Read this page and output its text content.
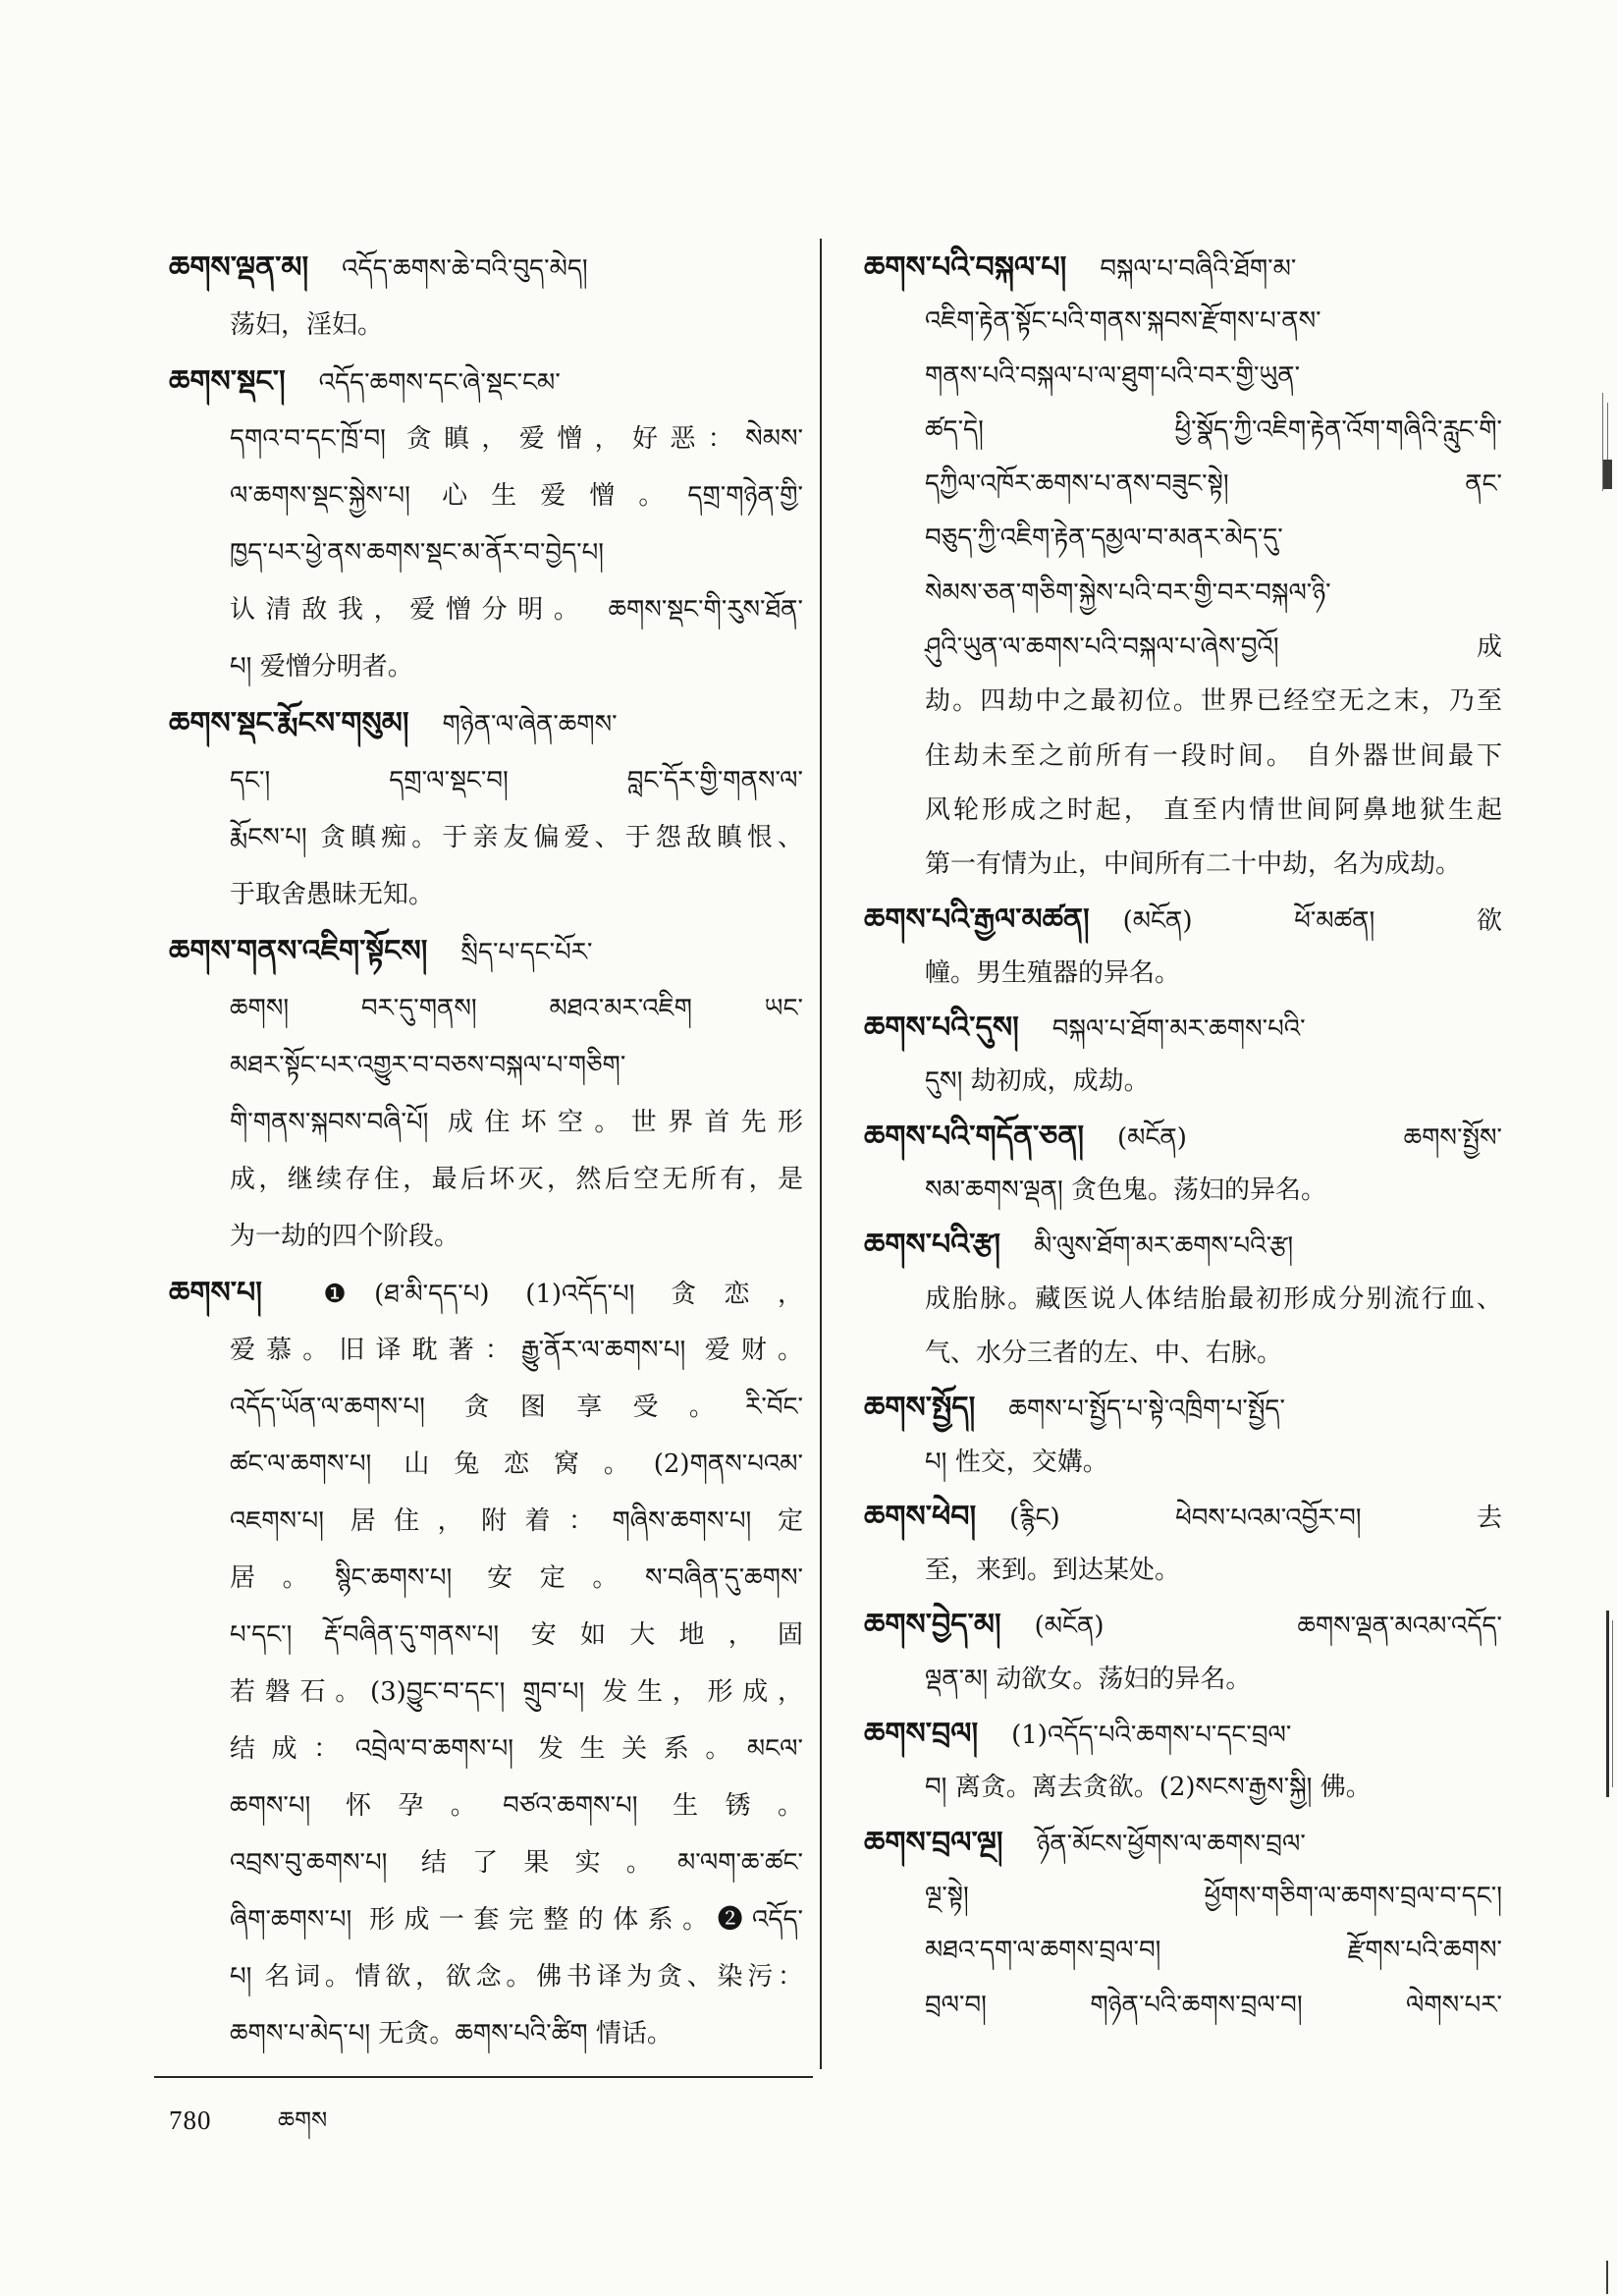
ཆགས་ལྡན་མ། འདོད་ཆགས་ཆེ་བའི་བུད་མེད།
荡妇，淫妇。
ཆགས་སྡང་། འདོད་ཆགས་དང་ཞེ་སྡང་ངམ་
དགའ་བ་དང་ཁྲོ་བ། 贪瞋，爱憎，好恶：སེམས་
ལ་ཆགས་སྡང་སྐྱེས་པ། 心生爱憎。དགྲ་གཉེན་གྱི་
ཁྱད་པར་ཕྱེ་ནས་ཆགས་སྡང་མ་ནོར་བ་བྱེད་པ།
认清敌我，爱憎分明。 ཆགས་སྡང་གི་རུས་ཐོན་
པ། 爱憎分明者。
ཆགས་སྡང་རྨོངས་གསུམ། གཉེན་ལ་ཞེན་ཆགས་
དང་། དགྲ་ལ་སྡང་བ། བླང་དོར་གྱི་གནས་ལ་
རྨོངས་པ། 贪瞋痴。于亲友偏爱、于怨敌瞋恨、
于取舍愚昧无知。
ཆགས་གནས་འཇིག་སྟོངས། སྲིད་པ་དང་པོར་
ཆགས། བར་དུ་གནས། མཐའ་མར་འཇིག ཡང་
མཐར་སྟོང་པར་འགྱུར་བ་བཅས་བསྐལ་པ་གཅིག་
གི་གནས་སྐབས་བཞི་པོ། 成住坏空。世界首先形
成，继续存住，最后坏灭，然后空无所有，是
为一劫的四个阶段。
ཆགས་པ། ❶(ཐ་མི་དད་པ) (1)འདོད་པ། 贪恋，
爱慕。旧译耽著：རྒྱུ་ནོར་ལ་ཆགས་པ། 爱财。
འདོད་ཡོན་ལ་ཆགས་པ། 贪图享受。རི་བོང་
ཚང་ལ་ཆགས་པ། 山兔恋窝。(2)གནས་པའམ་
འཇགས་པ། 居住，附着：གཞིས་ཆགས་པ། 定
居。སྙིང་ཆགས་པ། 安定。ས་བཞིན་དུ་ཆགས་
པ་དང་། རྡོ་བཞིན་དུ་གནས་པ། 安如大地，固
若磐石。(3)བྱུང་བ་དང་། གྲུབ་པ། 发生，形成，
结成：འབྲེལ་བ་ཆགས་པ། 发生关系。མངལ་
ཆགས་པ། 怀孕。བཙའ་ཆགས་པ། 生锈。
འབྲས་བུ་ཆགས་པ། 结了果实。མ་ལག་ཆ་ཚང་
ཞིག་ཆགས་པ། 形成一套完整的体系。❷འདོད་
པ། 名词。情欲，欲念。佛书译为贪、染污：
ཆགས་པ་མེད་པ། 无贪。ཆགས་པའི་ཚིག 情话。
ཆགས་པའི་བསྐལ་པ། བསྐལ་པ་བཞིའི་ཐོག་མ་
འཇིག་རྟེན་སྟོང་པའི་གནས་སྐབས་རྫོགས་པ་ནས་
གནས་པའི་བསྐལ་པ་ལ་ཐུག་པའི་བར་གྱི་ཡུན་
ཚད་དེ། ཕྱི་སྣོད་ཀྱི་འཇིག་རྟེན་འོག་གཞིའི་རླུང་གི་
དཀྱིལ་འཁོར་ཆགས་པ་ནས་བཟུང་སྟེ། ནང་
བཅུད་ཀྱི་འཇིག་རྟེན་དམྱལ་བ་མནར་མེད་དུ་
སེམས་ཅན་གཅིག་སྐྱེས་པའི་བར་གྱི་བར་བསྐལ་ཉི་
ཤུའི་ཡུན་ལ་ཆགས་པའི་བསྐལ་པ་ཞེས་བྱའོ། 成
劫。四劫中之最初位。世界已经空无之末，乃至
住劫未至之前所有一段时间。 自外器世间最下
风轮形成之时起， 直至内情世间阿鼻地狱生起
第一有情为止，中间所有二十中劫，名为成劫。
ཆགས་པའི་རྒྱལ་མཚན། (མངོན) ཕོ་མཚན། 欲
幢。男生殖器的异名。
ཆགས་པའི་དུས། བསྐལ་པ་ཐོག་མར་ཆགས་པའི་
དུས། 劫初成，成劫。
ཆགས་པའི་གདོན་ཅན། (མངོན) ཆགས་སྤྱོས་
སམ་ཆགས་ལྡན། 贪色鬼。荡妇的异名。
ཆགས་པའི་རྩ། མི་ལུས་ཐོག་མར་ཆགས་པའི་རྩ།
成胎脉。藏医说人体结胎最初形成分别流行血、
气、水分三者的左、中、右脉。
ཆགས་སྤྱོད། ཆགས་པ་སྤྱོད་པ་སྟེ་འཁྲིག་པ་སྤྱོད་
པ། 性交，交媾。
ཆགས་ཕེབ། (རྙིང) ཕེབས་པའམ་འབྱོར་བ། 去
至，来到。到达某处。
ཆགས་བྱེད་མ། (མངོན) ཆགས་ལྡན་མའམ་འདོད་
ལྡན་མ། 动欲女。荡妇的异名。
ཆགས་བྲལ། (1)འདོད་པའི་ཆགས་པ་དང་བྲལ་
བ། 离贪。离去贪欲。(2)སངས་རྒྱས་སྐྱི། 佛。
ཆགས་བྲལ་ལྔ། ཉོན་མོངས་ཕྱོགས་ལ་ཆགས་བྲལ་
ལྔ་སྟེ། ཕྱོགས་གཅིག་ལ་ཆགས་བྲལ་བ་དང་།
མཐའ་དག་ལ་ཆགས་བྲལ་བ། རྫོགས་པའི་ཆགས་
བྲལ་བ། གཉེན་པའི་ཆགས་བྲལ་བ། ལེགས་པར་
780	ཆགས
